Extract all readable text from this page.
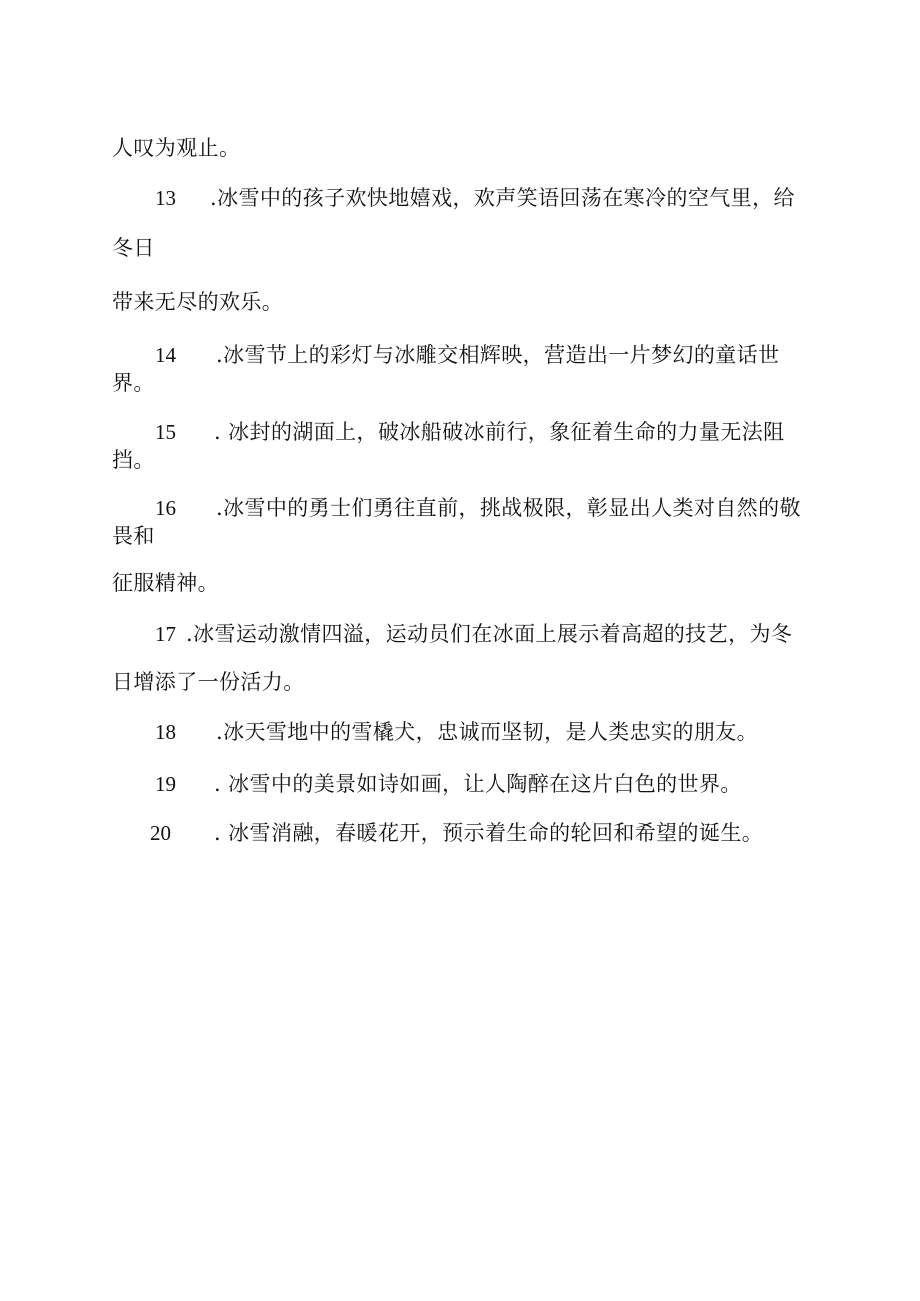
人叹为观止。
13 .冰雪中的孩子欢快地嬉戏，欢声笑语回荡在寒冷的空气里，给
冬日
带来无尽的欢乐。
14 .冰雪节上的彩灯与冰雕交相辉映，营造出一片梦幻的童话世
界。
15 . 冰封的湖面上，破冰船破冰前行，象征着生命的力量无法阻
挡。
16 .冰雪中的勇士们勇往直前，挑战极限，彰显出人类对自然的敬
畏和
征服精神。
17 .冰雪运动激情四溢，运动员们在冰面上展示着高超的技艺，为冬
日增添了一份活力。
18 .冰天雪地中的雪橇犬，忠诚而坚韧，是人类忠实的朋友。
19 . 冰雪中的美景如诗如画，让人陶醉在这片白色的世界。
20 . 冰雪消融，春暖花开，预示着生命的轮回和希望的诞生。
